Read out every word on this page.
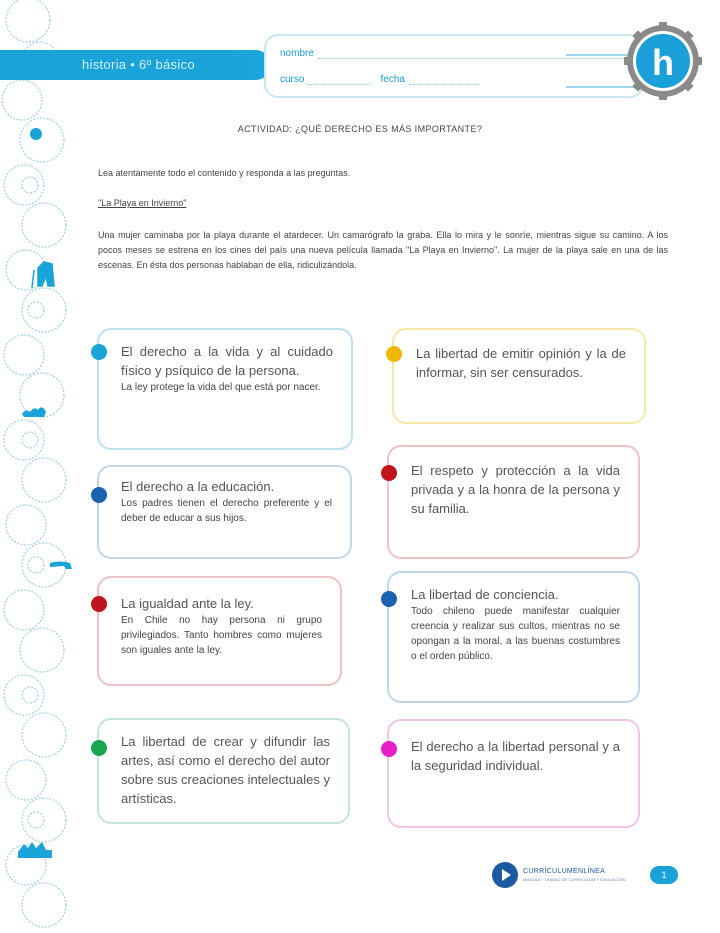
historia • 6º básico
nombre
curso	fecha	h
ACTIVIDAD: ¿QUÉ DERECHO ES MÁS IMPORTANTE?
Lea atentamente todo el contenido y responda a las preguntas.
"La Playa en Invierno"
Una mujer caminaba por la playa durante el atardecer. Un camarógrafo la graba. Ella lo mira y le sonríe, mientras sigue su camino. A los pocos meses se estrena en los cines del país una nueva película llamada "La Playa en Invierno". La mujer de la playa sale en una de las escenas. En ésta dos personas hablaban de ella, ridiculizándola.
El derecho a la vida y al cuidado físico y psíquico de la persona.
La ley protege la vida del que está por nacer.
La libertad de emitir opinión y la de informar, sin ser censurados.
El derecho a la educación.
Los padres tienen el derecho preferente y el deber de educar a sus hijos.
El respeto y protección a la vida privada y a la honra de la persona y su familia.
La igualdad ante la ley.
En Chile no hay persona ni grupo privilegiados. Tanto hombres como mujeres son iguales ante la ley.
La libertad de conciencia.
Todo chileno puede manifestar cualquier creencia y realizar sus cultos, mientras no se opongan a la moral, a las buenas costumbres o el orden público.
La libertad de crear y difundir las artes, así como el derecho del autor sobre sus creaciones intelectuales y artísticas.
El derecho a la libertad personal y a la seguridad individual.
CURRÍCULUMENLÍNEA
MINEDUC · UNIDAD DE CURRÍCULUM Y EVALUACIÓN	1
